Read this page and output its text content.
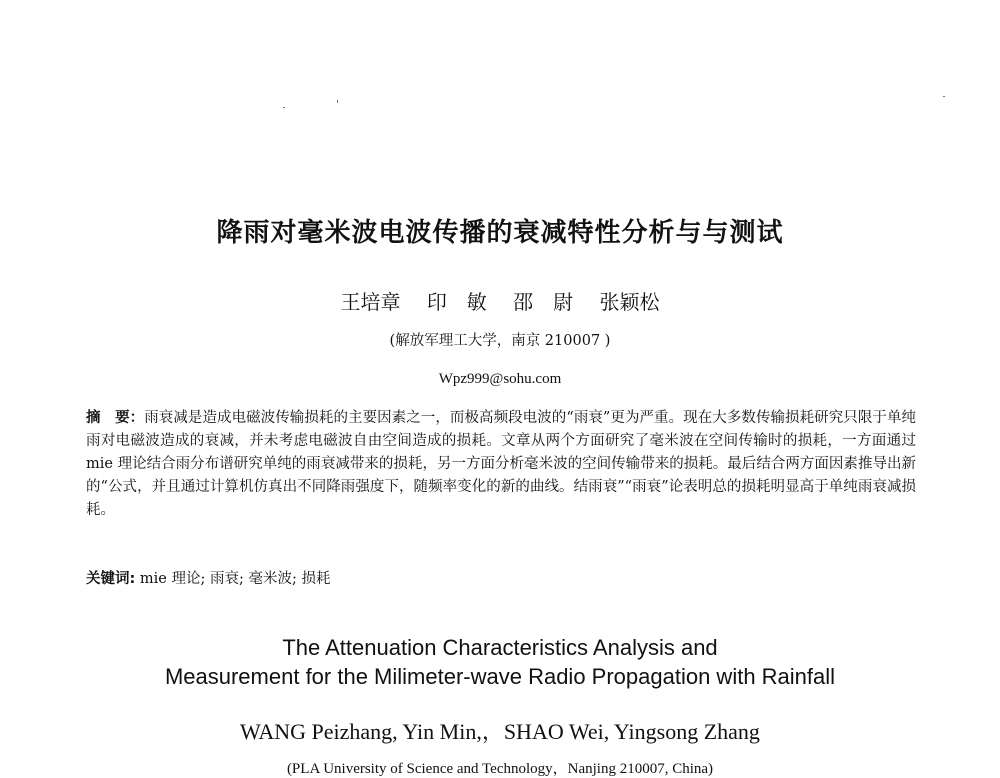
降雨对毫米波电波传播的衰减特性分析与与测试
王培章 印　敏 邵　尉 张颖松
(解放军理工大学，南京 210007 )
Wpz999@sohu.com

摘　要：雨衰减是造成电磁波传输损耗的主要因素之一，而极高频段电波的“雨衰”更为严重。现在大多数传输损耗研究只限于单纯雨对电磁波造成的衰减，并未考虑电磁波自由空间造成的损耗。文章从两个方面研究了毫米波在空间传输时的损耗，一方面通过 mie 理论结合雨分布谱研究单纯的雨衰减带来的损耗，另一方面分析毫米波的空间传输带来的损耗。最后结合两方面因素推导出新的“公式，并且通过计算机仿真出不同降雨强度下，随频率变化的新的曲线。结雨衰”“雨衰”论表明总的损耗明显高于单纯雨衰减损耗。

关键词: mie 理论; 雨衰; 毫米波; 损耗

The Attenuation Characteristics Analysis and
Measurement for the Milimeter-wave Radio Propagation with Rainfall
WANG Peizhang, Yin Min,，SHAO Wei, Yingsong Zhang
(PLA University of Science and Technology，Nanjing 210007, China)
